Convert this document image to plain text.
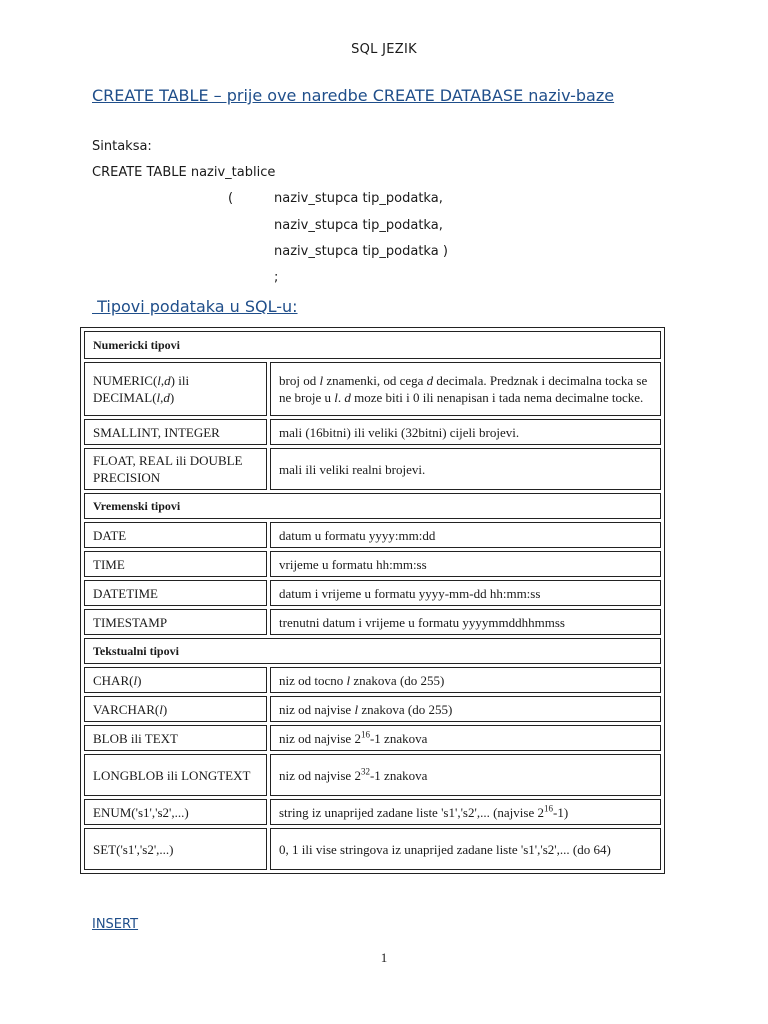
SQL JEZIK
CREATE TABLE – prije ove naredbe CREATE DATABASE naziv-baze
Sintaksa:
CREATE TABLE naziv_tablice
(	naziv_stupca tip_podatka,
naziv_stupca tip_podatka,
naziv_stupca tip_podatka )
;
Tipovi podataka u SQL-u:
Numericki tipovi	
NUMERIC(l,d) ili DECIMAL(l,d)	broj od l znamenki, od cega d decimala. Predznak i decimalna tocka se ne broje u l. d moze biti i 0 ili nenapisan i tada nema decimalne tocke.
SMALLINT, INTEGER	mali (16bitni) ili veliki (32bitni) cijeli brojevi.
FLOAT, REAL ili DOUBLE PRECISION	mali ili veliki realni brojevi.
Vremenski tipovi	
DATE	datum u formatu yyyy:mm:dd
TIME	vrijeme u formatu hh:mm:ss
DATETIME	datum i vrijeme u formatu yyyy-mm-dd hh:mm:ss
TIMESTAMP	trenutni datum i vrijeme u formatu yyyymmddhhmmss
Tekstualni tipovi	
CHAR(l)	niz od tocno l znakova (do 255)
VARCHAR(l)	niz od najvise l znakova (do 255)
BLOB ili TEXT	niz od najvise $2^{16}-1$ znakova
LONGBLOB ili LONGTEXT	niz od najvise $2^{32}-1$ znakova
ENUM('s1','s2',...)	string iz unaprijed zadane liste 's1','s2',... (najvise $2^{16}-1$)
SET('s1','s2',...)	0, 1 ili vise stringova iz unaprijed zadane liste 's1','s2',... (do 64)
INSERT
1
